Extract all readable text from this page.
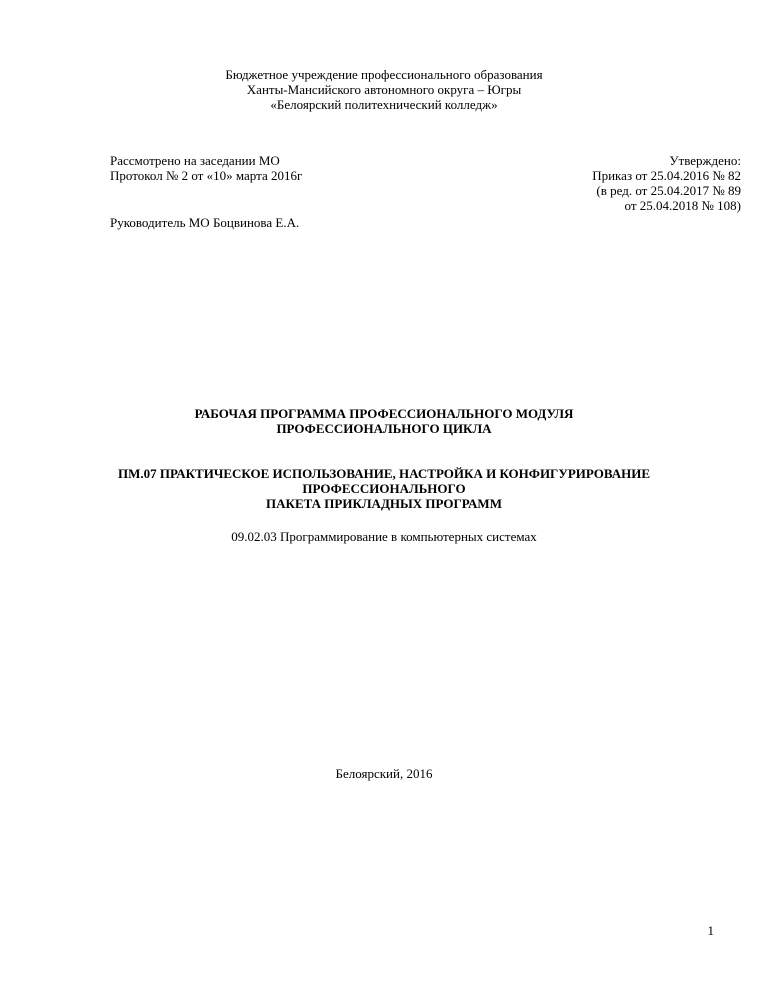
Бюджетное учреждение профессионального образования
Ханты-Мансийского автономного округа – Югры
«Белоярский политехнический колледж»
Рассмотрено на заседании МО
Протокол № 2 от «10» марта 2016г
Утверждено:
Приказ от 25.04.2016 № 82
(в ред. от 25.04.2017 № 89
от 25.04.2018 № 108)
Руководитель МО Боцвинова Е.А.
РАБОЧАЯ ПРОГРАММА ПРОФЕССИОНАЛЬНОГО МОДУЛЯ
ПРОФЕССИОНАЛЬНОГО ЦИКЛА
ПМ.07 ПРАКТИЧЕСКОЕ ИСПОЛЬЗОВАНИЕ, НАСТРОЙКА И КОНФИГУРИРОВАНИЕ
ПРОФЕССИОНАЛЬНОГО
ПАКЕТА ПРИКЛАДНЫХ ПРОГРАММ
09.02.03 Программирование в компьютерных системах
Белоярский, 2016
1
